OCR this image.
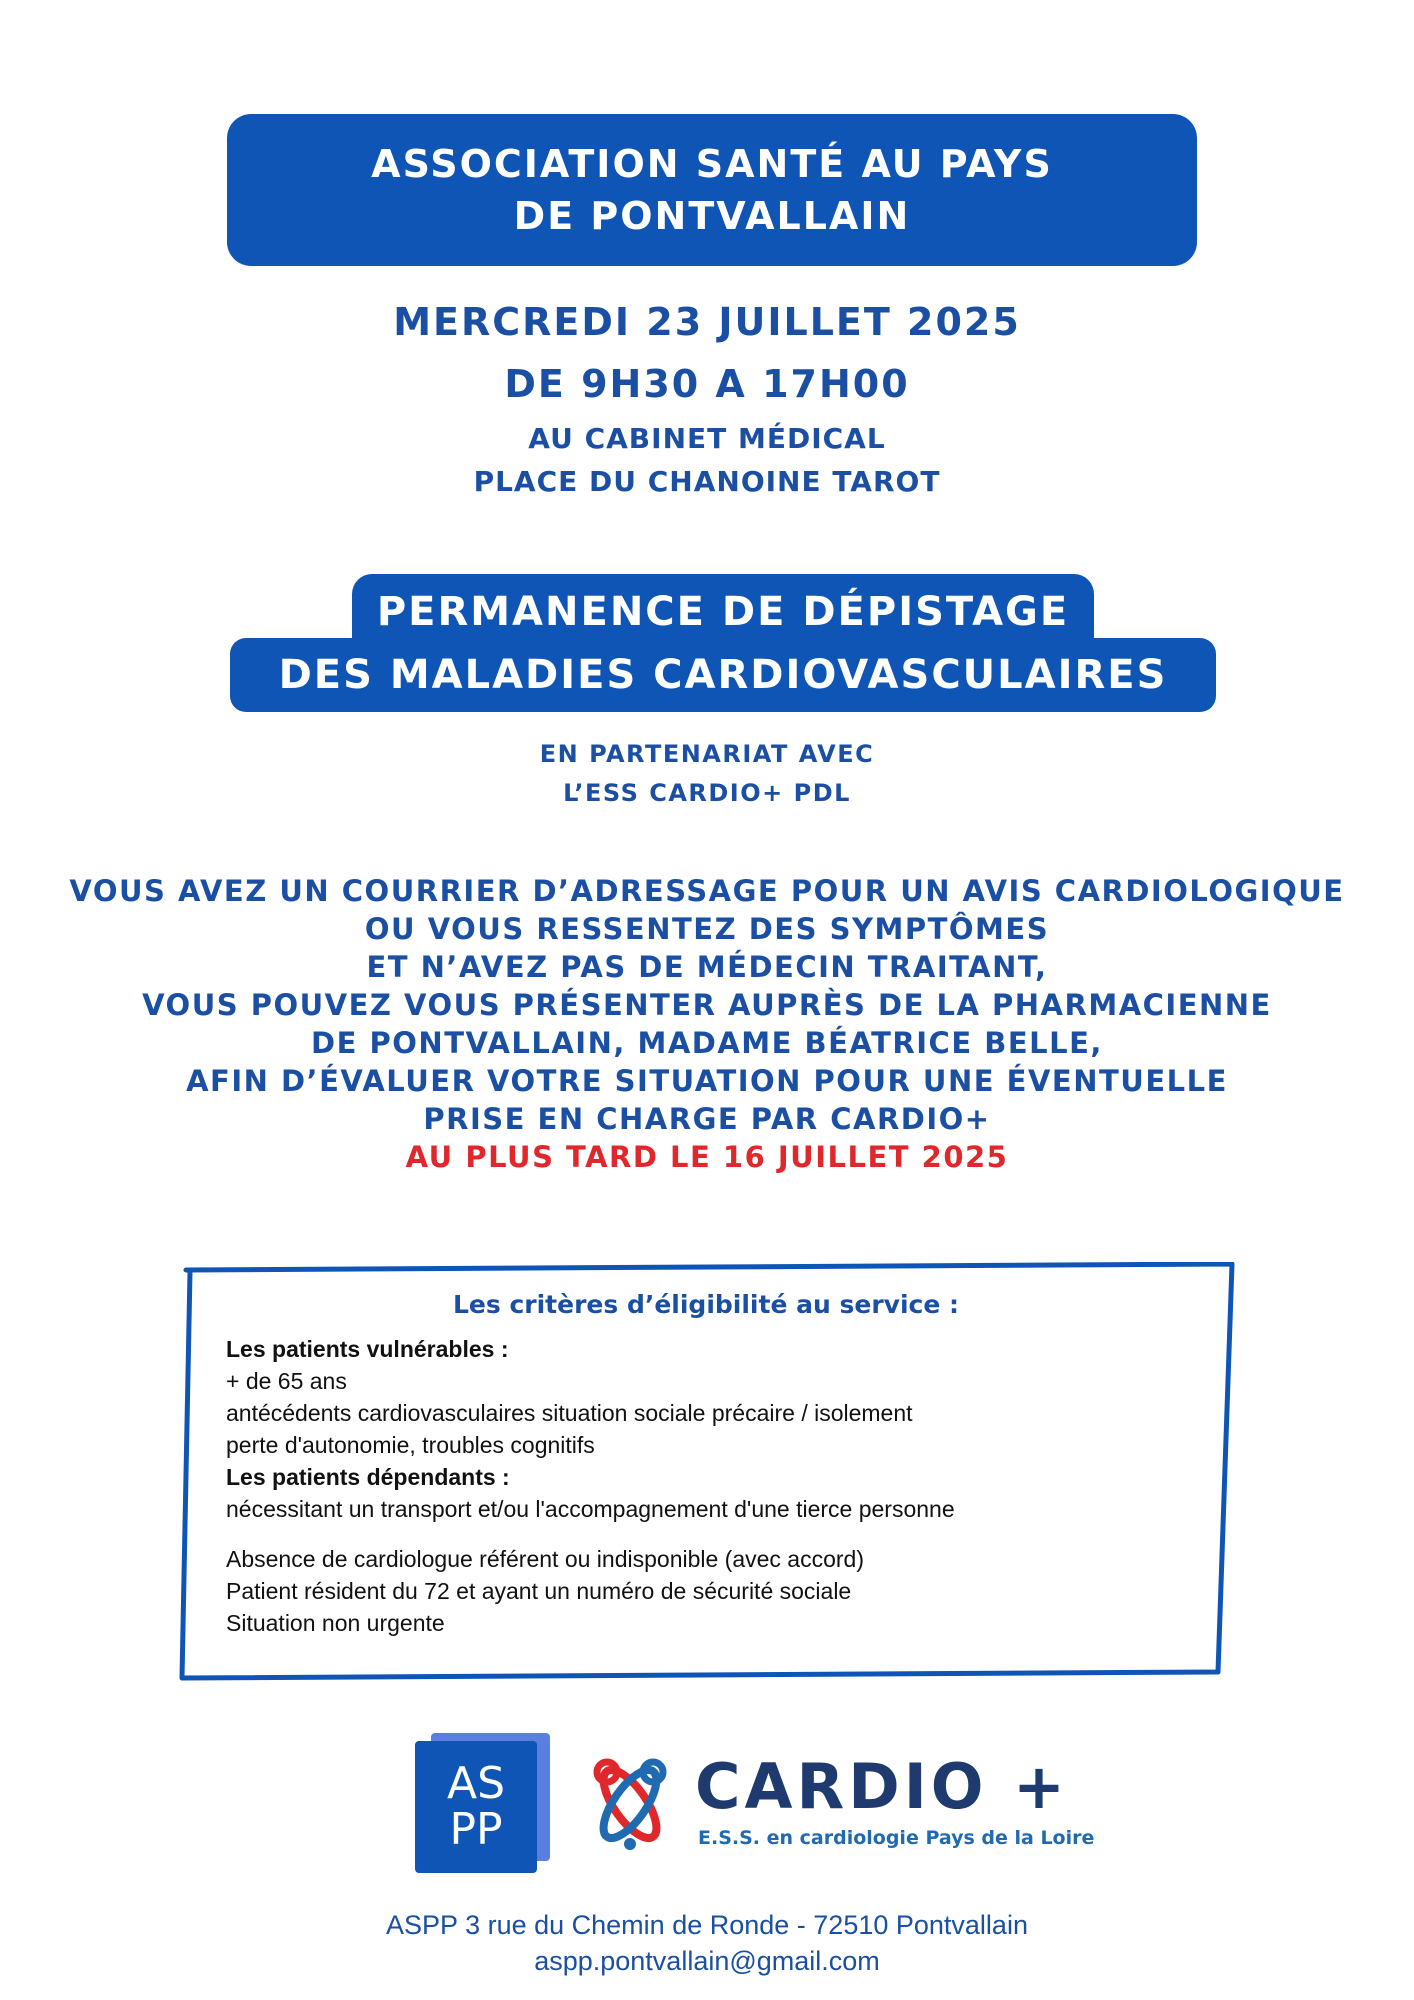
ASSOCIATION SANTÉ AU PAYS
DE PONTVALLAIN
MERCREDI 23 JUILLET 2025
DE 9H30 A 17H00
AU CABINET MÉDICAL
PLACE DU CHANOINE TAROT
PERMANENCE DE DÉPISTAGE
DES MALADIES CARDIOVASCULAIRES
EN PARTENARIAT AVEC
L’ESS CARDIO+ PDL
VOUS AVEZ UN COURRIER D’ADRESSAGE POUR UN AVIS CARDIOLOGIQUE
OU VOUS RESSENTEZ DES SYMPTÔMES
ET N’AVEZ PAS DE MÉDECIN TRAITANT,
VOUS POUVEZ VOUS PRÉSENTER AUPRÈS DE LA PHARMACIENNE
DE PONTVALLAIN, MADAME BÉATRICE BELLE,
AFIN D’ÉVALUER VOTRE SITUATION POUR UNE ÉVENTUELLE
PRISE EN CHARGE PAR CARDIO+
AU PLUS TARD LE 16 JUILLET 2025
Les critères d’éligibilité au service :
Les patients vulnérables :
+ de 65 ans
antécédents cardiovasculaires situation sociale précaire / isolement
perte d'autonomie, troubles cognitifs
Les patients dépendants :
nécessitant un transport et/ou l'accompagnement d'une tierce personne
Absence de cardiologue référent ou indisponible (avec accord)
Patient résident du 72 et ayant un numéro de sécurité sociale
Situation non urgente
AS
PP
CARDIO +
E.S.S. en cardiologie Pays de la Loire
ASPP 3 rue du Chemin de Ronde - 72510 Pontvallain
aspp.pontvallain@gmail.com
